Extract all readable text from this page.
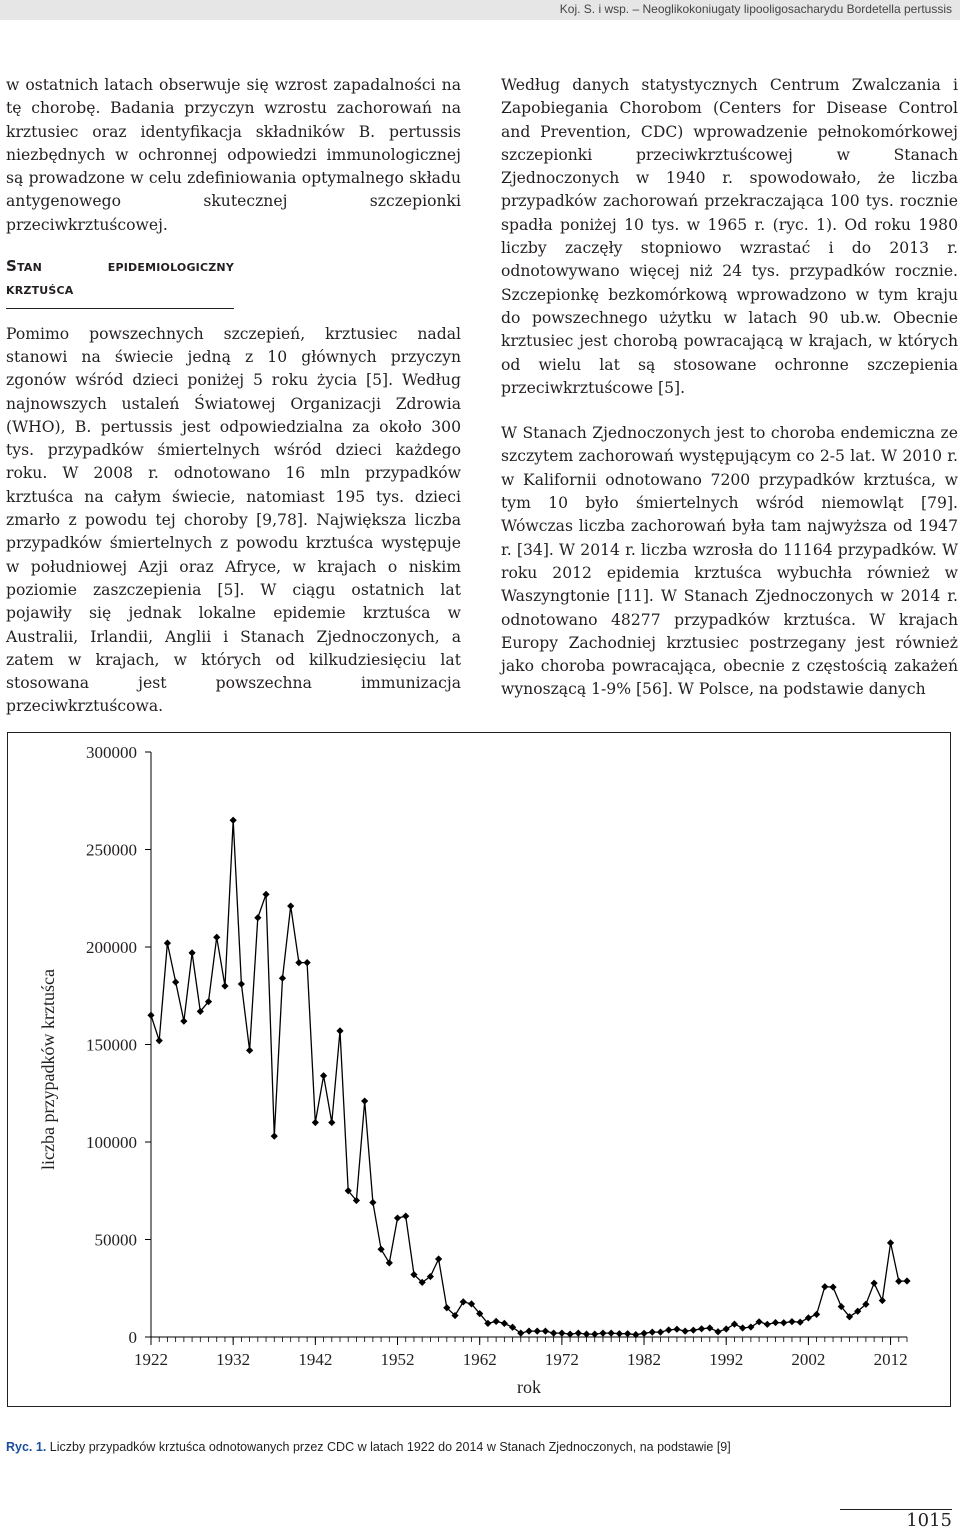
Koj. S. i wsp. – Neoglikokoniugaty lipooligosacharydu Bordetella pertussis

w ostatnich latach obserwuje się wzrost zapadalności na tę chorobę. Badania przyczyn wzrostu zachorowań na krztusiec oraz identyfikacja składników B. pertussis niezbędnych w ochronnej odpowiedzi immunologicznej są prowadzone w celu zdefiniowania optymalnego składu antygenowego skutecznej szczepionki przeciwkrztuścowej.

Stan epidemiologiczny krztuśca

Pomimo powszechnych szczepień, krztusiec nadal stanowi na świecie jedną z 10 głównych przyczyn zgonów wśród dzieci poniżej 5 roku życia [5]. Według najnowszych ustaleń Światowej Organizacji Zdrowia (WHO), B. pertussis jest odpowiedzialna za około 300 tys. przypadków śmiertelnych wśród dzieci każdego roku. W 2008 r. odnotowano 16 mln przypadków krztuśca na całym świecie, natomiast 195 tys. dzieci zmarło z powodu tej choroby [9,78]. Największa liczba przypadków śmiertelnych z powodu krztuśca występuje w południowej Azji oraz Afryce, w krajach o niskim poziomie zaszczepienia [5]. W ciągu ostatnich lat pojawiły się jednak lokalne epidemie krztuśca w Australii, Irlandii, Anglii i Stanach Zjednoczonych, a zatem w krajach, w których od kilkudziesięciu lat stosowana jest powszechna immunizacja przeciwkrztuścowa.

Według danych statystycznych Centrum Zwalczania i Zapobiegania Chorobom (Centers for Disease Control and Prevention, CDC) wprowadzenie pełnokomórkowej szczepionki przeciwkrztuścowej w Stanach Zjednoczonych w 1940 r. spowodowało, że liczba przypadków zachorowań przekraczająca 100 tys. rocznie spadła poniżej 10 tys. w 1965 r. (ryc. 1). Od roku 1980 liczby zaczęły stopniowo wzrastać i do 2013 r. odnotowywano więcej niż 24 tys. przypadków rocznie. Szczepionkę bezkomórkową wprowadzono w tym kraju do powszechnego użytku w latach 90 ub.w. Obecnie krztusiec jest chorobą powracającą w krajach, w których od wielu lat są stosowane ochronne szczepienia przeciwkrztuścowe [5].

W Stanach Zjednoczonych jest to choroba endemiczna ze szczytem zachorowań występującym co 2-5 lat. W 2010 r. w Kalifornii odnotowano 7200 przypadków krztuśca, w tym 10 było śmiertelnych wśród niemowląt [79]. Wówczas liczba zachorowań była tam najwyższa od 1947 r. [34]. W 2014 r. liczba wzrosła do 11164 przypadków. W roku 2012 epidemia krztuśca wybuchła również w Waszyngtonie [11]. W Stanach Zjednoczonych w 2014 r. odnotowano 48277 przypadków krztuśca. W krajach Europy Zachodniej krztusiec postrzegany jest również jako choroba powracająca, obecnie z częstością zakażeń wynoszącą 1-9% [56]. W Polsce, na podstawie danych

0
50000
100000
150000
200000
250000
300000
1922	1932	1942	1952	1962	1972	1982	1992	2002	2012
rok
liczba przypadków krztuśca
Ryc. 1. Liczby przypadków krztuśca odnotowanych przez CDC w latach 1922 do 2014 w Stanach Zjednoczonych, na podstawie [9]
1015
